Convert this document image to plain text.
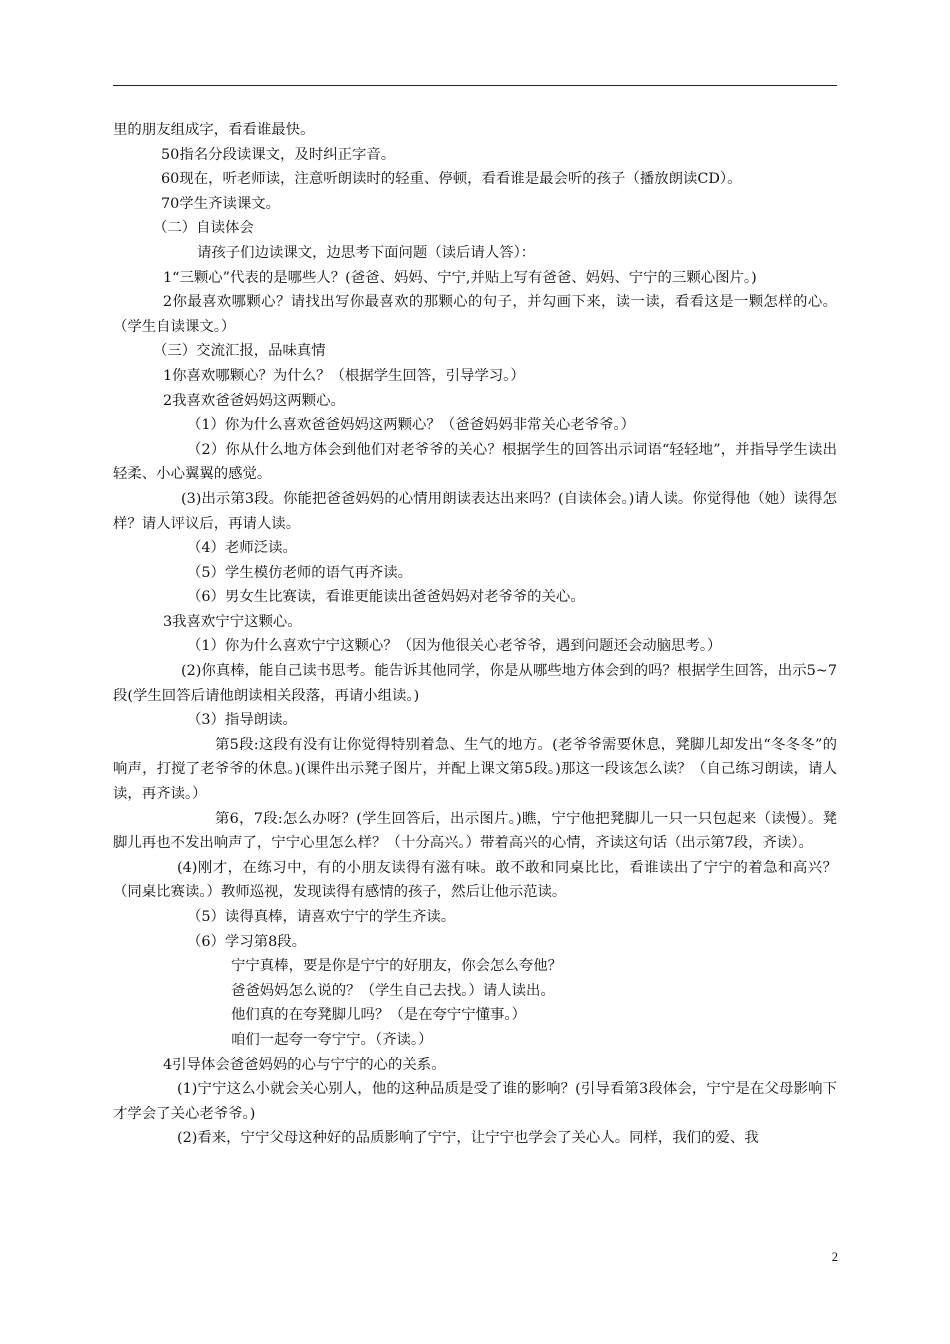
里的朋友组成字，看看谁最快。

50指名分段读课文，及时纠正字音。

60现在，听老师读，注意听朗读时的轻重、停顿，看看谁是最会听的孩子（播放朗读CD）。

70学生齐读课文。

（二）自读体会

请孩子们边读课文，边思考下面问题（读后请人答）：

1“三颗心”代表的是哪些人？(爸爸、妈妈、宁宁,并贴上写有爸爸、妈妈、宁宁的三颗心图片。)

2你最喜欢哪颗心？请找出写你最喜欢的那颗心的句子，并勾画下来，读一读，看看这是一颗怎样的心。（学生自读课文。）

（三）交流汇报，品味真情

1你喜欢哪颗心？为什么？（根据学生回答，引导学习。）

2我喜欢爸爸妈妈这两颗心。

（1）你为什么喜欢爸爸妈妈这两颗心？（爸爸妈妈非常关心老爷爷。）

（2）你从什么地方体会到他们对老爷爷的关心？根据学生的回答出示词语“轻轻地”，并指导学生读出轻柔、小心翼翼的感觉。

(3)出示第3段。你能把爸爸妈妈的心情用朗读表达出来吗？(自读体会。)请人读。你觉得他（她）读得怎样？请人评议后，再请人读。

（4）老师泛读。

（5）学生模仿老师的语气再齐读。

（6）男女生比赛读，看谁更能读出爸爸妈妈对老爷爷的关心。

3我喜欢宁宁这颗心。

（1）你为什么喜欢宁宁这颗心？（因为他很关心老爷爷，遇到问题还会动脑思考。）

(2)你真棒，能自己读书思考。能告诉其他同学，你是从哪些地方体会到的吗？根据学生回答，出示5~7段(学生回答后请他朗读相关段落，再请小组读。)

（3）指导朗读。

第5段:这段有没有让你觉得特别着急、生气的地方。(老爷爷需要休息，凳脚儿却发出“冬冬冬”的响声，打搅了老爷爷的休息。)(课件出示凳子图片，并配上课文第5段。)那这一段该怎么读？（自己练习朗读，请人读，再齐读。）

第6，7段:怎么办呀？(学生回答后，出示图片。)瞧，宁宁他把凳脚儿一只一只包起来（读慢）。凳脚儿再也不发出响声了，宁宁心里怎么样？（十分高兴。）带着高兴的心情，齐读这句话（出示第7段，齐读）。

(4)刚才，在练习中，有的小朋友读得有滋有味。敢不敢和同桌比比，看谁读出了宁宁的着急和高兴？（同桌比赛读。）教师巡视，发现读得有感情的孩子，然后让他示范读。

（5）读得真棒，请喜欢宁宁的学生齐读。

（6）学习第8段。

宁宁真棒，要是你是宁宁的好朋友，你会怎么夸他？

爸爸妈妈怎么说的？（学生自己去找。）请人读出。

他们真的在夸凳脚儿吗？（是在夸宁宁懂事。）

咱们一起夸一夸宁宁。（齐读。）

4引导体会爸爸妈妈的心与宁宁的心的关系。

(1)宁宁这么小就会关心别人，他的这种品质是受了谁的影响？(引导看第3段体会，宁宁是在父母影响下才学会了关心老爷爷。)

(2)看来，宁宁父母这种好的品质影响了宁宁，让宁宁也学会了关心人。同样，我们的爱、我

2
